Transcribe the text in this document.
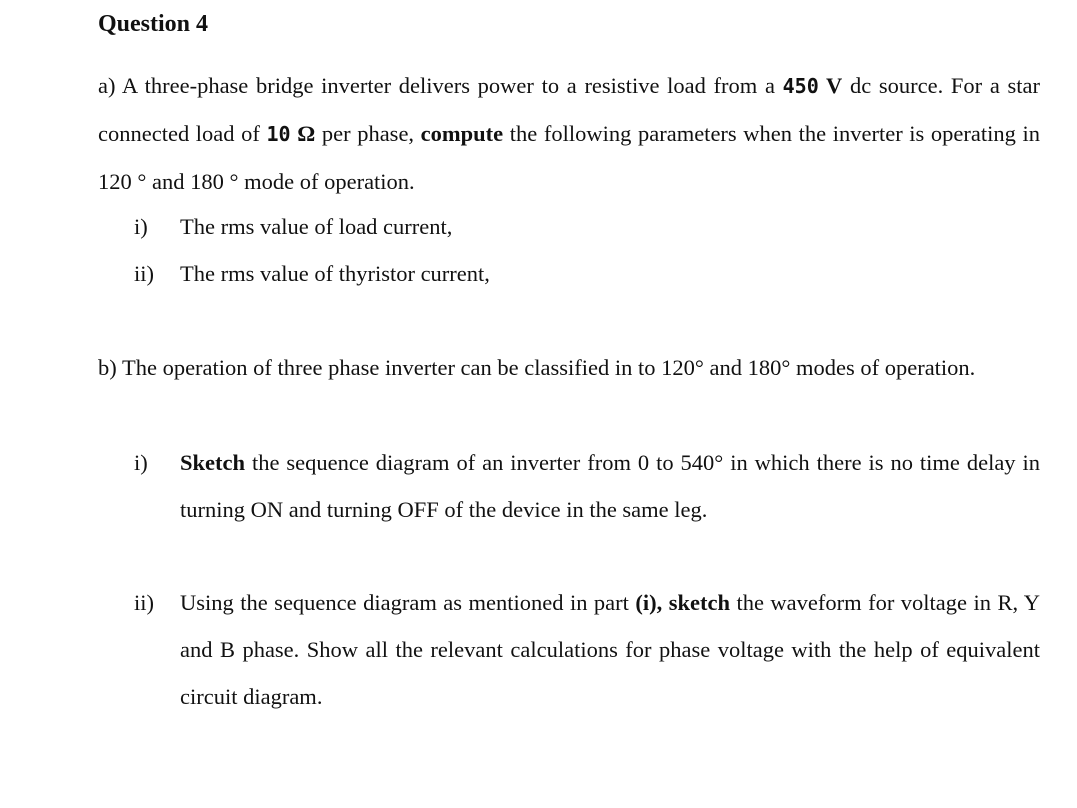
Question 4
a) A three-phase bridge inverter delivers power to a resistive load from a 450 V dc source. For a star connected load of 10 Ω per phase, compute the following parameters when the inverter is operating in 120 ° and 180 ° mode of operation.
i)	The rms value of load current,
ii)	The rms value of thyristor current,
b) The operation of three phase inverter can be classified in to 120° and 180° modes of operation.
i)	Sketch the sequence diagram of an inverter from 0 to 540° in which there is no time delay in turning ON and turning OFF of the device in the same leg.
ii)	Using the sequence diagram as mentioned in part (i), sketch the waveform for voltage in R, Y and B phase. Show all the relevant calculations for phase voltage with the help of equivalent circuit diagram.
